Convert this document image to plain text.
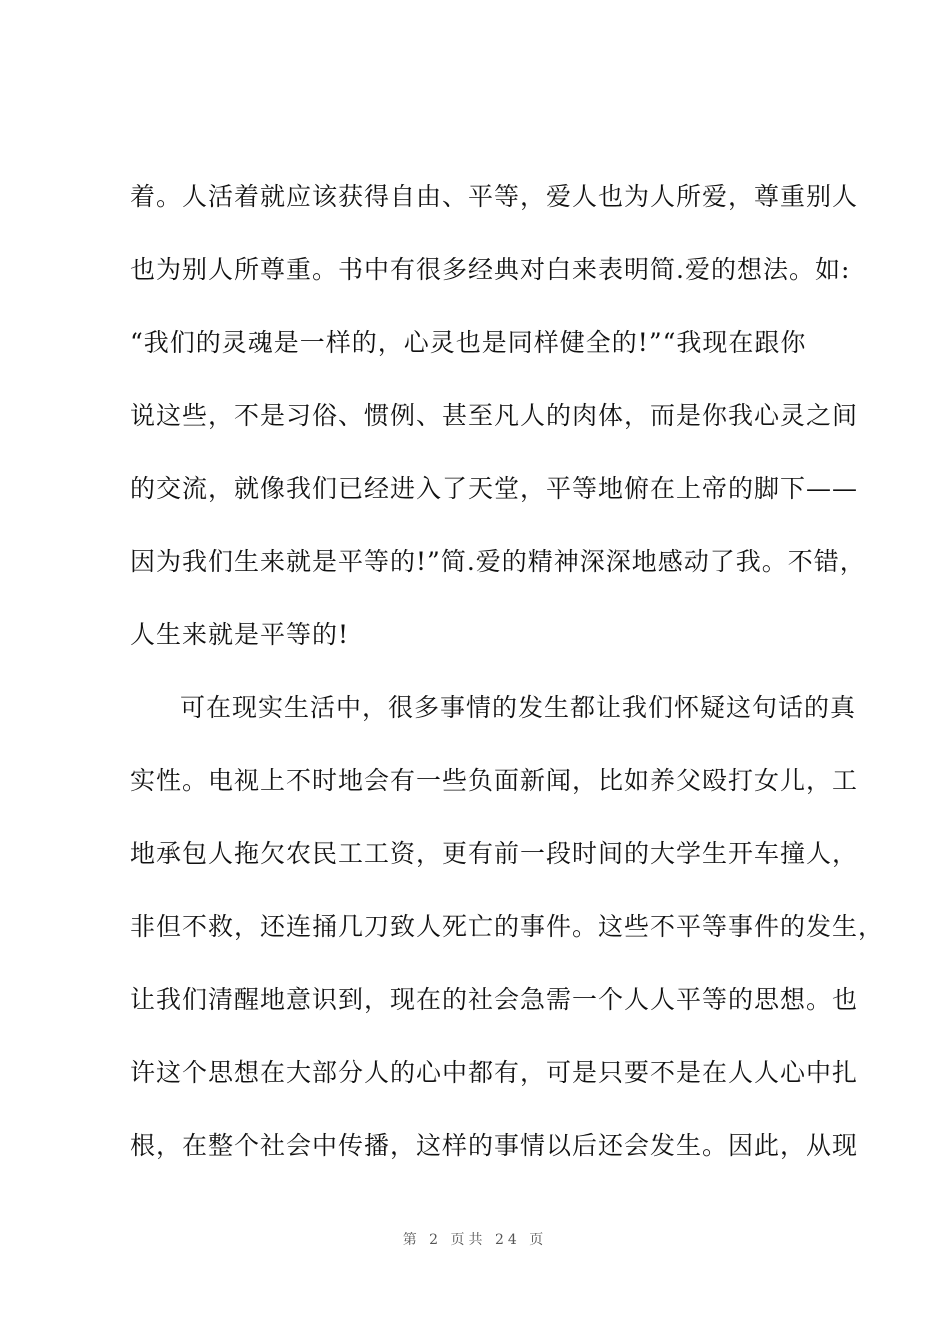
着。人活着就应该获得自由、平等，爱人也为人所爱，尊重别人
也为别人所尊重。书中有很多经典对白来表明简.爱的想法。如:
“我们的灵魂是一样的，心灵也是同样健全的!”“我现在跟你
说这些，不是习俗、惯例、甚至凡人的肉体，而是你我心灵之间
的交流，就像我们已经进入了天堂，平等地俯在上帝的脚下——
因为我们生来就是平等的!”简.爱的精神深深地感动了我。不错，
人生来就是平等的!
可在现实生活中，很多事情的发生都让我们怀疑这句话的真
实性。电视上不时地会有一些负面新闻，比如养父殴打女儿，工
地承包人拖欠农民工工资，更有前一段时间的大学生开车撞人，
非但不救，还连捅几刀致人死亡的事件。这些不平等事件的发生，
让我们清醒地意识到，现在的社会急需一个人人平等的思想。也
许这个思想在大部分人的心中都有，可是只要不是在人人心中扎
根，在整个社会中传播，这样的事情以后还会发生。因此，从现
第 2 页共 24 页
